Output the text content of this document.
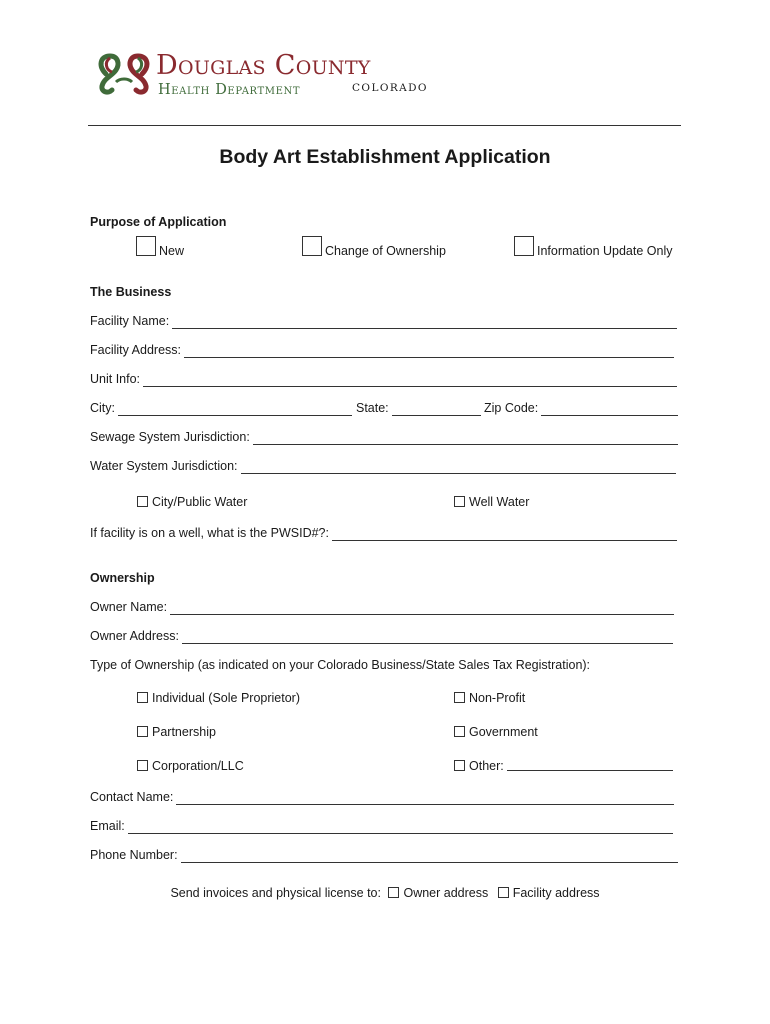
Douglas County
Health Department	COLORADO
Body Art Establishment Application
Purpose of Application
New	Change of Ownership	Information Update Only
The Business
Facility Name:
Facility Address:
Unit Info:
City:	State:	Zip Code:
Sewage System Jurisdiction:
Water System Jurisdiction:
City/Public Water	Well Water
If facility is on a well, what is the PWSID#?:
Ownership
Owner Name:
Owner Address:
Type of Ownership (as indicated on your Colorado Business/State Sales Tax Registration):
Individual (Sole Proprietor)	Non-Profit
Partnership	Government
Corporation/LLC	Other:
Contact Name:
Email:
Phone Number:
Send invoices and physical license to: Owner address Facility address
